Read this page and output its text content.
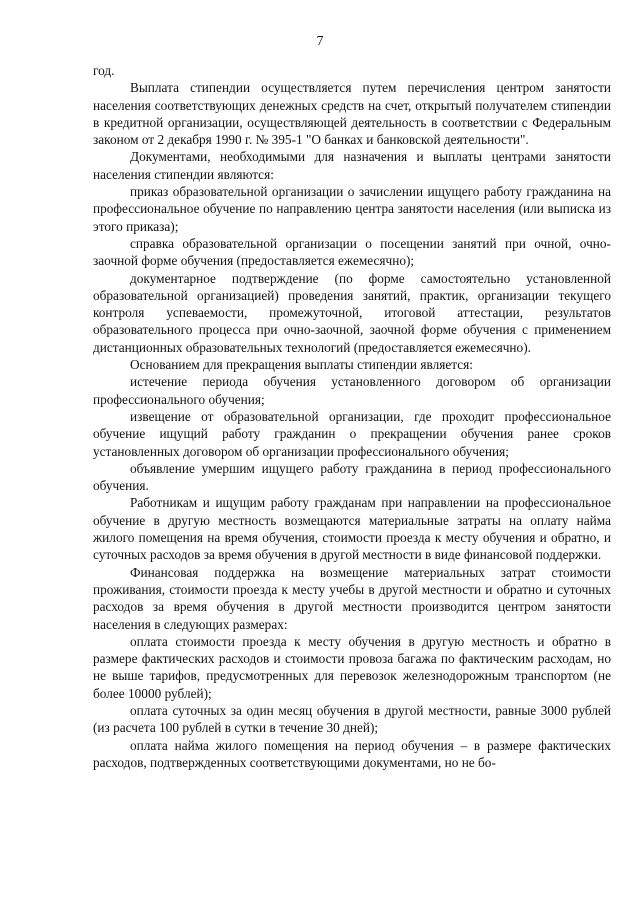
7

год.

Выплата стипендии осуществляется путем перечисления центром занятости населения соответствующих денежных средств на счет, открытый получателем стипендии в кредитной организации, осуществляющей деятельность в соответствии с Федеральным законом от 2 декабря 1990 г. № 395-1 "О банках и банковской деятельности".

Документами, необходимыми для назначения и выплаты центрами занятости населения стипендии являются:

приказ образовательной организации о зачислении ищущего работу гражданина на профессиональное обучение по направлению центра занятости населения (или выписка из этого приказа);

справка образовательной организации о посещении занятий при очной, очно-заочной форме обучения (предоставляется ежемесячно);

документарное подтверждение (по форме самостоятельно установленной образовательной организацией) проведения занятий, практик, организации текущего контроля успеваемости, промежуточной, итоговой аттестации, результатов образовательного процесса при очно-заочной, заочной форме обучения с применением дистанционных образовательных технологий (предоставляется ежемесячно).

Основанием для прекращения выплаты стипендии является:

истечение периода обучения установленного договором об организации профессионального обучения;

извещение от образовательной организации, где проходит профессиональное обучение ищущий работу гражданин о прекращении обучения ранее сроков установленных договором об организации профессионального обучения;

объявление умершим ищущего работу гражданина в период профессионального обучения.

Работникам и ищущим работу гражданам при направлении на профессиональное обучение в другую местность возмещаются материальные затраты на оплату найма жилого помещения на время обучения, стоимости проезда к месту обучения и обратно, и суточных расходов за время обучения в другой местности в виде финансовой поддержки.

Финансовая поддержка на возмещение материальных затрат стоимости проживания, стоимости проезда к месту учебы в другой местности и обратно и суточных расходов за время обучения в другой местности производится центром занятости населения в следующих размерах:

оплата стоимости проезда к месту обучения в другую местность и обратно в размере фактических расходов и стоимости провоза багажа по фактическим расходам, но не выше тарифов, предусмотренных для перевозок железнодорожным транспортом (не более 10000 рублей);

оплата суточных за один месяц обучения в другой местности, равные 3000 рублей (из расчета 100 рублей в сутки в течение 30 дней);

оплата найма жилого помещения на период обучения – в размере фактических расходов, подтвержденных соответствующими документами, но не бо-
